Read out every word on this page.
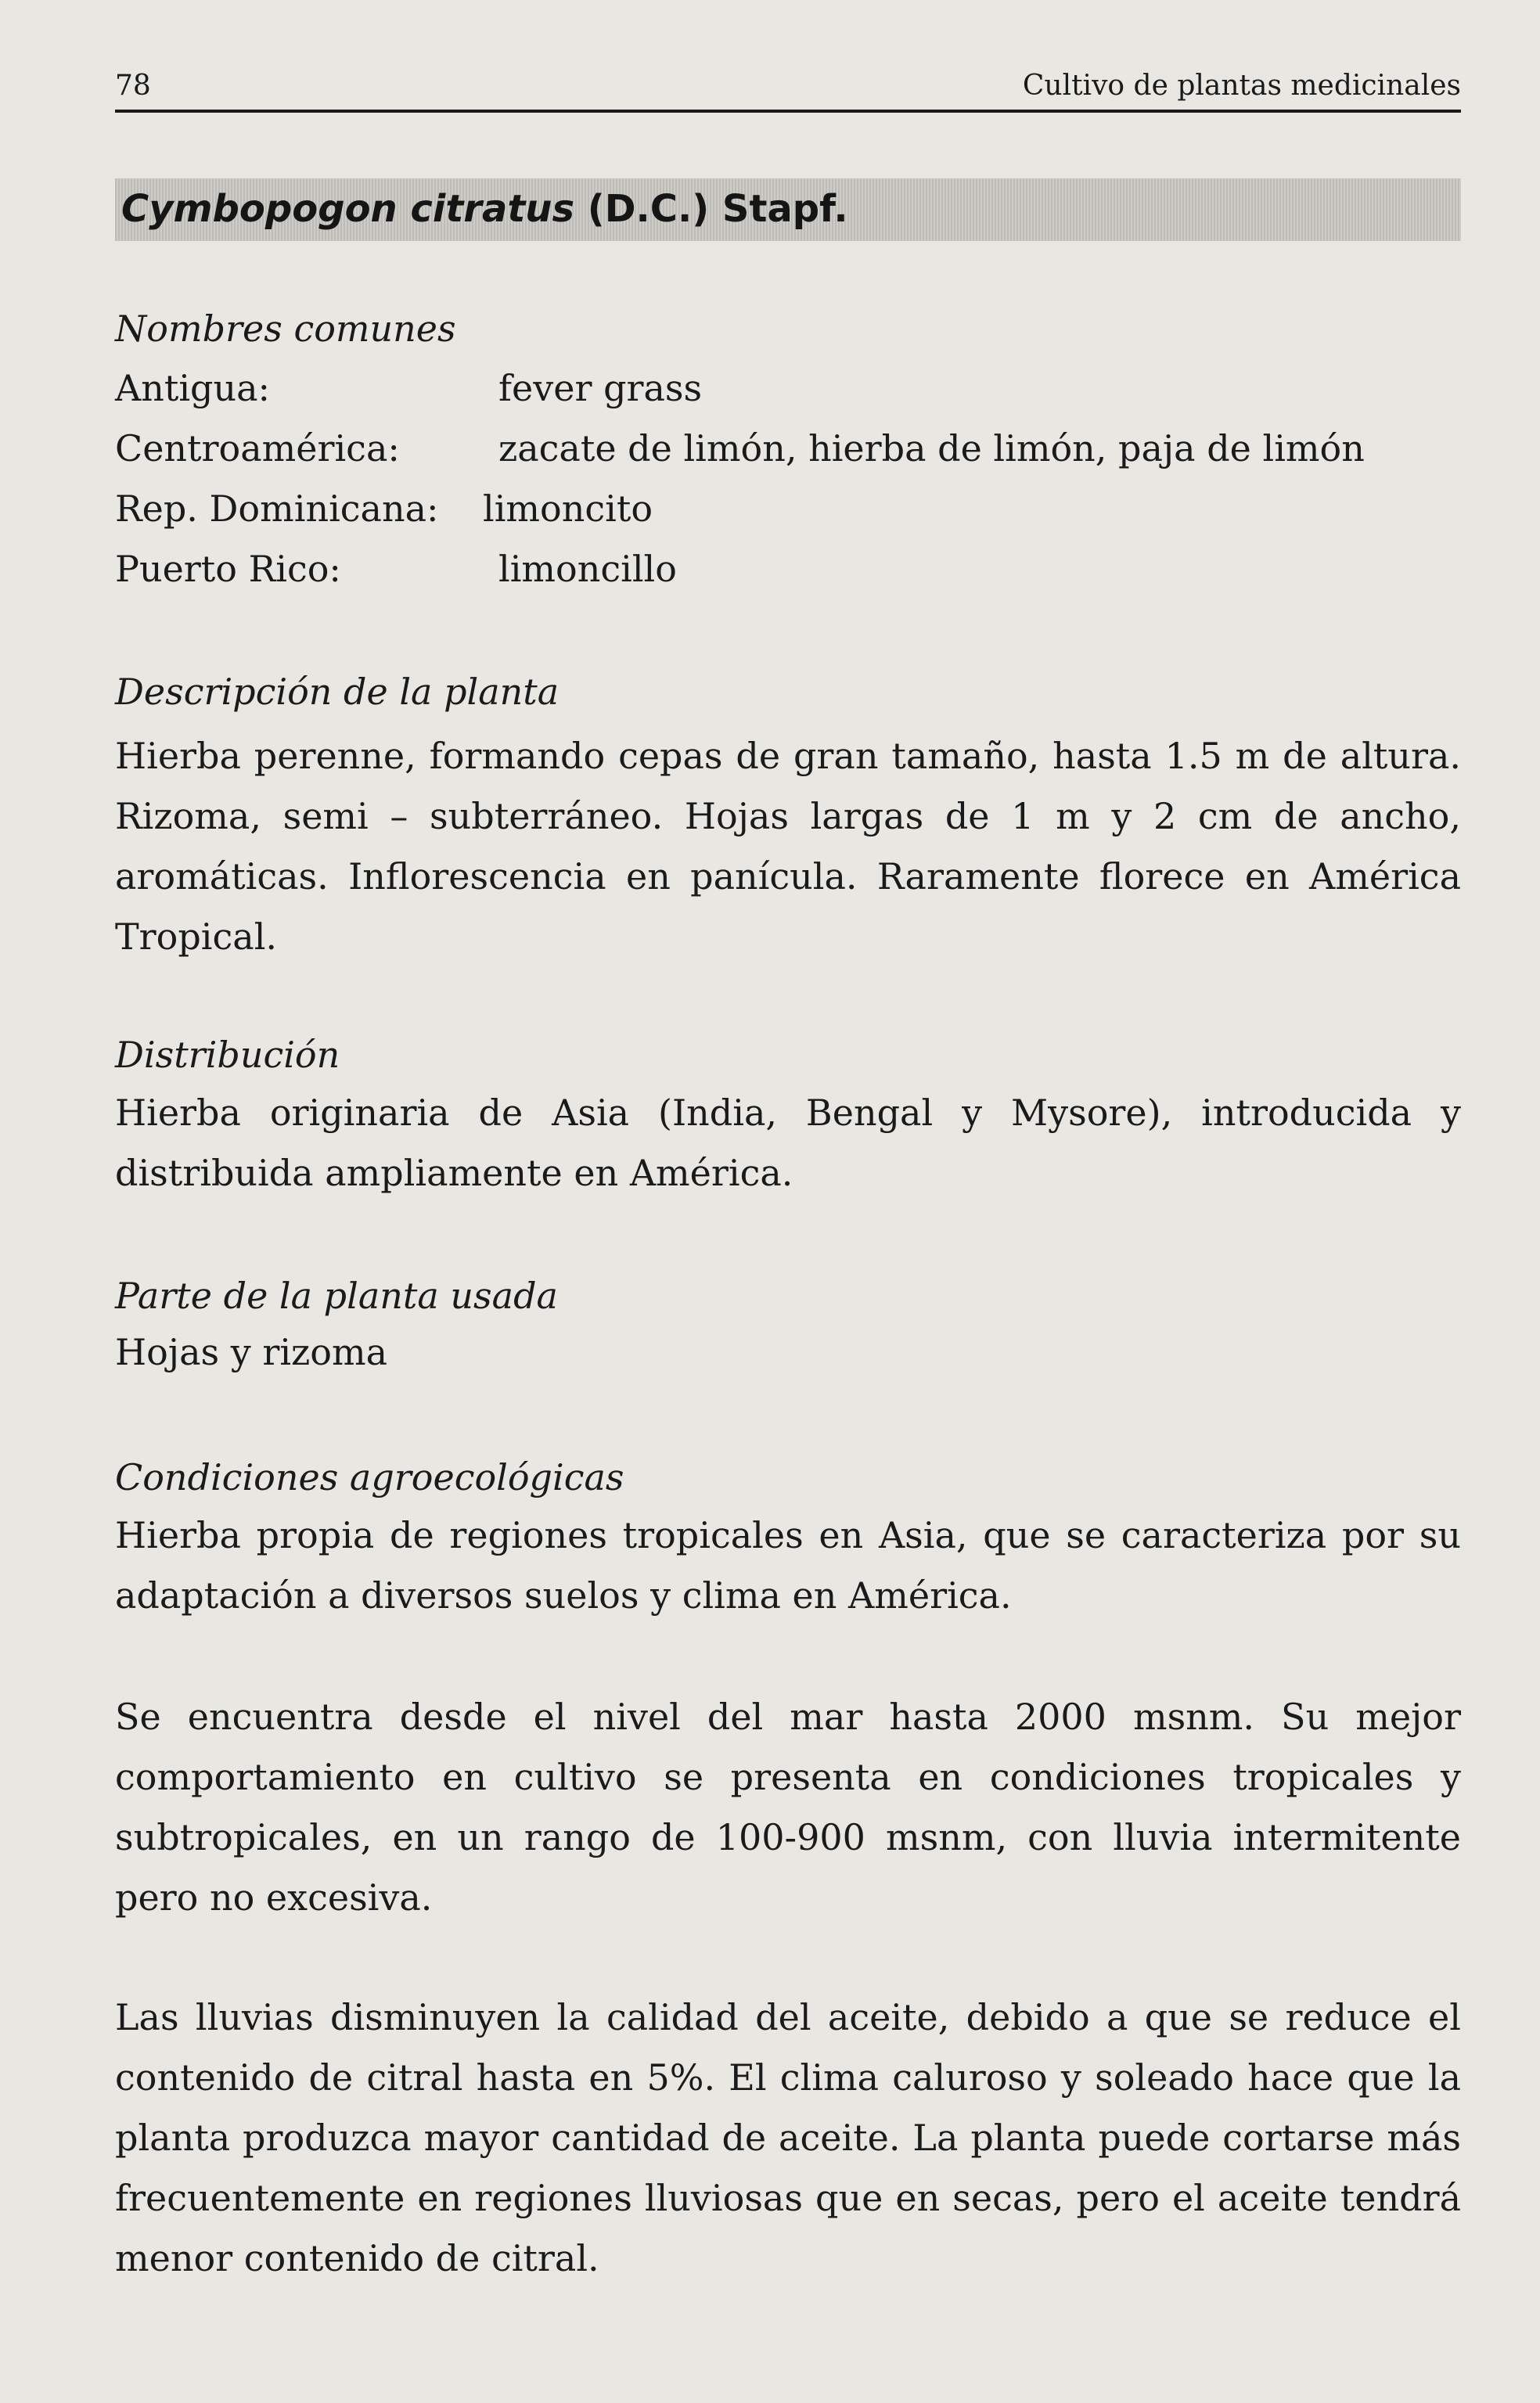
78	Cultivo de plantas medicinales
Cymbopogon citratus (D.C.) Stapf.
Nombres comunes
Antigua:	fever grass
Centroamérica:	zacate de limón, hierba de limón, paja de limón
Rep. Dominicana: limoncito
Puerto Rico:	limoncillo
Descripción de la planta
Hierba perenne, formando cepas de gran tamaño, hasta 1.5 m de altura. Rizoma, semi – subterráneo. Hojas largas de 1 m y 2 cm de ancho, aromáticas. Inflorescencia en panícula. Raramente florece en América Tropical.
Distribución
Hierba originaria de Asia (India, Bengal y Mysore), introducida y distribuida ampliamente en América.
Parte de la planta usada
Hojas y rizoma
Condiciones agroecológicas
Hierba propia de regiones tropicales en Asia, que se caracteriza por su adaptación a diversos suelos y clima en América.
Se encuentra desde el nivel del mar hasta 2000 msnm. Su mejor comportamiento en cultivo se presenta en condiciones tropicales y subtropicales, en un rango de 100-900 msnm, con lluvia intermitente pero no excesiva.
Las lluvias disminuyen la calidad del aceite, debido a que se reduce el contenido de citral hasta en 5%. El clima caluroso y soleado hace que la planta produzca mayor cantidad de aceite. La planta puede cortarse más frecuentemente en regiones lluviosas que en secas, pero el aceite tendrá menor contenido de citral.
